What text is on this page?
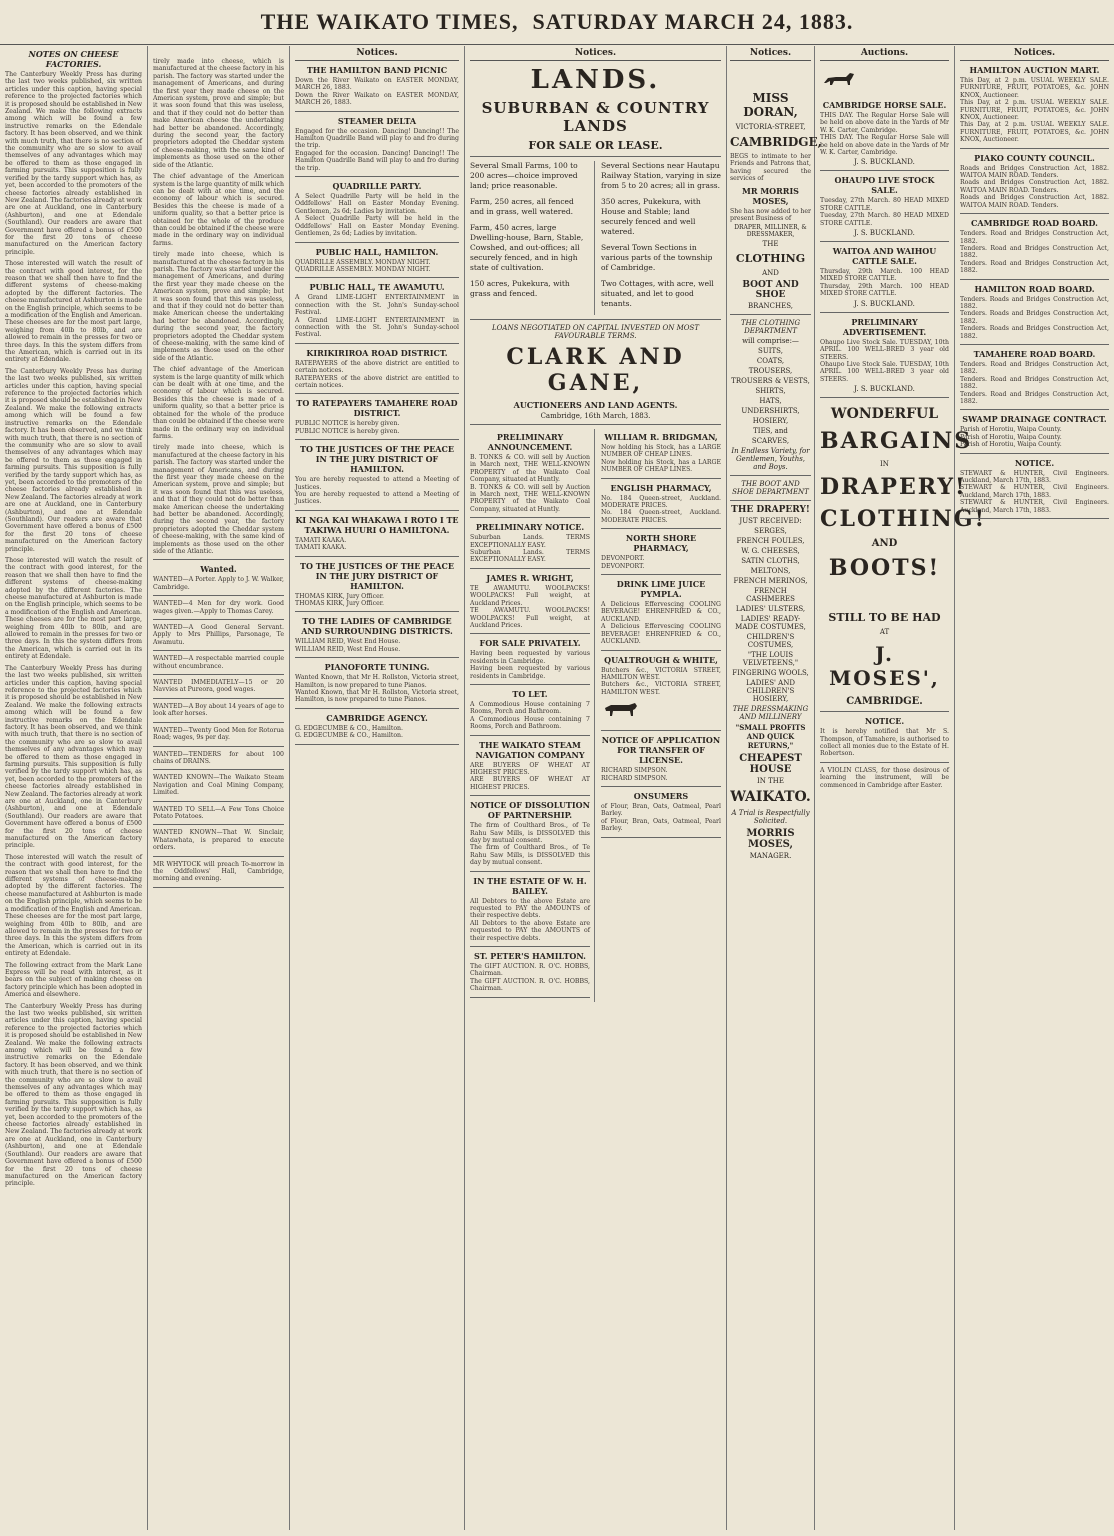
THE WAIKATO TIMES, SATURDAY MARCH 24, 1883.
NOTES ON CHEESE FACTORIES.
The Canterbury Weekly Press has during the last two weeks published, six written articles under this caption, having special reference to the projected factories which it is proposed should be established in New Zealand. We make the following extracts among which will be found a few instructive remarks on the Edendale factory. It has been observed, and we think with much truth, that there is no section of the community who are so slow to avail themselves of any advantages which may be offered to them as those engaged in farming pursuits. This supposition is fully verified by the tardy support which has, as yet, been accorded to the promoters of the cheese factories already established in New Zealand. The factories already at work are one at Auckland, one in Canterbury (Ashburton), and one at Edendale (Southland). Our readers are aware that Government have offered a bonus of £500 for the first 20 tons of cheese manufactured on the American factory principle.
Those interested will watch the result of the contract with good interest, for the reason that we shall then have to find the different systems of cheese-making adopted by the different factories. The cheese manufactured at Ashburton is made on the English principle, which seems to be a modification of the English and American. These cheeses are for the most part large, weighing from 40lb to 80lb, and are allowed to remain in the presses for two or three days. In this the system differs from the American, which is carried out in its entirety at Edendale.
The Canterbury Weekly Press has during the last two weeks published, six written articles under this caption, having special reference to the projected factories which it is proposed should be established in New Zealand. We make the following extracts among which will be found a few instructive remarks on the Edendale factory. It has been observed, and we think with much truth, that there is no section of the community who are so slow to avail themselves of any advantages which may be offered to them as those engaged in farming pursuits. This supposition is fully verified by the tardy support which has, as yet, been accorded to the promoters of the cheese factories already established in New Zealand. The factories already at work are one at Auckland, one in Canterbury (Ashburton), and one at Edendale (Southland). Our readers are aware that Government have offered a bonus of £500 for the first 20 tons of cheese manufactured on the American factory principle.
Those interested will watch the result of the contract with good interest, for the reason that we shall then have to find the different systems of cheese-making adopted by the different factories. The cheese manufactured at Ashburton is made on the English principle, which seems to be a modification of the English and American. These cheeses are for the most part large, weighing from 40lb to 80lb, and are allowed to remain in the presses for two or three days. In this the system differs from the American, which is carried out in its entirety at Edendale.
The Canterbury Weekly Press has during the last two weeks published, six written articles under this caption, having special reference to the projected factories which it is proposed should be established in New Zealand. We make the following extracts among which will be found a few instructive remarks on the Edendale factory. It has been observed, and we think with much truth, that there is no section of the community who are so slow to avail themselves of any advantages which may be offered to them as those engaged in farming pursuits. This supposition is fully verified by the tardy support which has, as yet, been accorded to the promoters of the cheese factories already established in New Zealand. The factories already at work are one at Auckland, one in Canterbury (Ashburton), and one at Edendale (Southland). Our readers are aware that Government have offered a bonus of £500 for the first 20 tons of cheese manufactured on the American factory principle.
Those interested will watch the result of the contract with good interest, for the reason that we shall then have to find the different systems of cheese-making adopted by the different factories. The cheese manufactured at Ashburton is made on the English principle, which seems to be a modification of the English and American. These cheeses are for the most part large, weighing from 40lb to 80lb, and are allowed to remain in the presses for two or three days. In this the system differs from the American, which is carried out in its entirety at Edendale.
The following extract from the Mark Lane Express will be read with interest, as it bears on the subject of making cheese on factory principle which has been adopted in America and elsewhere.
The Canterbury Weekly Press has during the last two weeks published, six written articles under this caption, having special reference to the projected factories which it is proposed should be established in New Zealand. We make the following extracts among which will be found a few instructive remarks on the Edendale factory. It has been observed, and we think with much truth, that there is no section of the community who are so slow to avail themselves of any advantages which may be offered to them as those engaged in farming pursuits. This supposition is fully verified by the tardy support which has, as yet, been accorded to the promoters of the cheese factories already established in New Zealand. The factories already at work are one at Auckland, one in Canterbury (Ashburton), and one at Edendale (Southland). Our readers are aware that Government have offered a bonus of £500 for the first 20 tons of cheese manufactured on the American factory principle.
tirely made into cheese, which is manufactured at the cheese factory in his parish. The factory was started under the management of Americans, and during the first year they made cheese on the American system, prove and simple; but it was soon found that this was useless, and that if they could not do better than make American cheese the undertaking had better be abandoned. Accordingly, during the second year, the factory proprietors adopted the Cheddar system of cheese-making, with the same kind of implements as those used on the other side of the Atlantic.
The chief advantage of the American system is the large quantity of milk which can be dealt with at one time, and the economy of labour which is secured. Besides this the cheese is made of a uniform quality, so that a better price is obtained for the whole of the produce than could be obtained if the cheese were made in the ordinary way on individual farms.
tirely made into cheese, which is manufactured at the cheese factory in his parish. The factory was started under the management of Americans, and during the first year they made cheese on the American system, prove and simple; but it was soon found that this was useless, and that if they could not do better than make American cheese the undertaking had better be abandoned. Accordingly, during the second year, the factory proprietors adopted the Cheddar system of cheese-making, with the same kind of implements as those used on the other side of the Atlantic.
The chief advantage of the American system is the large quantity of milk which can be dealt with at one time, and the economy of labour which is secured. Besides this the cheese is made of a uniform quality, so that a better price is obtained for the whole of the produce than could be obtained if the cheese were made in the ordinary way on individual farms.
tirely made into cheese, which is manufactured at the cheese factory in his parish. The factory was started under the management of Americans, and during the first year they made cheese on the American system, prove and simple; but it was soon found that this was useless, and that if they could not do better than make American cheese the undertaking had better be abandoned. Accordingly, during the second year, the factory proprietors adopted the Cheddar system of cheese-making, with the same kind of implements as those used on the other side of the Atlantic.
Wanted.
WANTED—A Porter. Apply to J. W. Walker, Cambridge.
WANTED—4 Men for dry work. Good wages given.—Apply to Thomas Carey.
WANTED—A Good General Servant. Apply to Mrs Phillips, Parsonage, Te Awamutu.
WANTED—A respectable married couple without encumbrance.
WANTED IMMEDIATELY—15 or 20 Navvies at Pureora, good wages.
WANTED—A Boy about 14 years of age to look after horses.
WANTED—Twenty Good Men for Rotorua Road; wages, 9s per day.
WANTED—TENDERS for about 100 chains of DRAINS.
WANTED KNOWN—The Waikato Steam Navigation and Coal Mining Company, Limited.
WANTED TO SELL—A Few Tons Choice Potato Potatoes.
WANTED KNOWN—That W. Sinclair, Whatawhata, is prepared to execute orders.
MR WHYTOCK will preach To-morrow in the Oddfellows' Hall, Cambridge, morning and evening.
Notices.
THE HAMILTON BAND PICNIC
Down the River Waikato on EASTER MONDAY, MARCH 26, 1883.
Down the River Waikato on EASTER MONDAY, MARCH 26, 1883.
STEAMER DELTA
Engaged for the occasion. Dancing! Dancing!! The Hamilton Quadrille Band will play to and fro during the trip.
Engaged for the occasion. Dancing! Dancing!! The Hamilton Quadrille Band will play to and fro during the trip.
QUADRILLE PARTY.
A Select Quadrille Party will be held in the Oddfellows' Hall on Easter Monday Evening. Gentlemen, 2s 6d; Ladies by invitation.
A Select Quadrille Party will be held in the Oddfellows' Hall on Easter Monday Evening. Gentlemen, 2s 6d; Ladies by invitation.
PUBLIC HALL, HAMILTON.
QUADRILLE ASSEMBLY. MONDAY NIGHT.
QUADRILLE ASSEMBLY. MONDAY NIGHT.
PUBLIC HALL, TE AWAMUTU.
A Grand LIME-LIGHT ENTERTAINMENT in connection with the St. John's Sunday-school Festival.
A Grand LIME-LIGHT ENTERTAINMENT in connection with the St. John's Sunday-school Festival.
KIRIKIRIROA ROAD DISTRICT.
RATEPAYERS of the above district are entitled to certain notices.
RATEPAYERS of the above district are entitled to certain notices.
TO RATEPAYERS TAMAHERE ROAD DISTRICT.
PUBLIC NOTICE is hereby given.
PUBLIC NOTICE is hereby given.
TO THE JUSTICES OF THE PEACE IN THE JURY DISTRICT OF HAMILTON.
You are hereby requested to attend a Meeting of Justices.
You are hereby requested to attend a Meeting of Justices.
KI NGA KAI WHAKAWA I ROTO I TE TAKIWA HUURI O HAMILTONA.
TAMATI KAAKA.
TAMATI KAAKA.
TO THE JUSTICES OF THE PEACE IN THE JURY DISTRICT OF HAMILTON.
THOMAS KIRK, Jury Officer.
THOMAS KIRK, Jury Officer.
TO THE LADIES OF CAMBRIDGE AND SURROUNDING DISTRICTS.
WILLIAM REID, West End House.
WILLIAM REID, West End House.
PIANOFORTE TUNING.
Wanted Known, that Mr H. Rollston, Victoria street, Hamilton, is now prepared to tune Pianos.
Wanted Known, that Mr H. Rollston, Victoria street, Hamilton, is now prepared to tune Pianos.
CAMBRIDGE AGENCY.
G. EDGECUMBE & CO., Hamilton.
G. EDGECUMBE & CO., Hamilton.
Notices.
LANDS.
SUBURBAN & COUNTRY LANDS
FOR SALE OR LEASE.
Several Small Farms, 100 to 200 acres—choice improved land; price reasonable.
Farm, 250 acres, all fenced and in grass, well watered.
Farm, 450 acres, large Dwelling-house, Barn, Stable, Cowshed, and out-offices; all securely fenced, and in high state of cultivation.
150 acres, Pukekura, with grass and fenced.
Several Sections near Hautapu Railway Station, varying in size from 5 to 20 acres; all in grass.
350 acres, Pukekura, with House and Stable; land securely fenced and well watered.
Several Town Sections in various parts of the township of Cambridge.
Two Cottages, with acre, well situated, and let to good tenants.
LOANS NEGOTIATED ON CAPITAL INVESTED ON MOST FAVOURABLE TERMS.
CLARK AND GANE,
AUCTIONEERS AND LAND AGENTS.
Cambridge, 16th March, 1883.
PRELIMINARY ANNOUNCEMENT.
B. TONKS & CO. will sell by Auction in March next, THE WELL-KNOWN PROPERTY of the Waikato Coal Company, situated at Huntly.
B. TONKS & CO. will sell by Auction in March next, THE WELL-KNOWN PROPERTY of the Waikato Coal Company, situated at Huntly.
PRELIMINARY NOTICE.
Suburban Lands. TERMS EXCEPTIONALLY EASY.
Suburban Lands. TERMS EXCEPTIONALLY EASY.
JAMES R. WRIGHT,
TE AWAMUTU. WOOLPACKS! WOOLPACKS! Full weight, at Auckland Prices.
TE AWAMUTU. WOOLPACKS! WOOLPACKS! Full weight, at Auckland Prices.
FOR SALE PRIVATELY.
Having been requested by various residents in Cambridge.
Having been requested by various residents in Cambridge.
TO LET.
A Commodious House containing 7 Rooms, Porch and Bathroom.
A Commodious House containing 7 Rooms, Porch and Bathroom.
THE WAIKATO STEAM NAVIGATION COMPANY
ARE BUYERS OF WHEAT AT HIGHEST PRICES.
ARE BUYERS OF WHEAT AT HIGHEST PRICES.
NOTICE OF DISSOLUTION OF PARTNERSHIP.
The firm of Coulthard Bros., of Te Rahu Saw Mills, is DISSOLVED this day by mutual consent.
The firm of Coulthard Bros., of Te Rahu Saw Mills, is DISSOLVED this day by mutual consent.
IN THE ESTATE OF W. H. BAILEY.
All Debtors to the above Estate are requested to PAY the AMOUNTS of their respective debts.
All Debtors to the above Estate are requested to PAY the AMOUNTS of their respective debts.
ST. PETER'S HAMILTON.
The GIFT AUCTION. R. O'C. HOBBS, Chairman.
The GIFT AUCTION. R. O'C. HOBBS, Chairman.
WILLIAM R. BRIDGMAN,
Now holding his Stock, has a LARGE NUMBER OF CHEAP LINES.
Now holding his Stock, has a LARGE NUMBER OF CHEAP LINES.
ENGLISH PHARMACY,
No. 184 Queen-street, Auckland. MODERATE PRICES.
No. 184 Queen-street, Auckland. MODERATE PRICES.
NORTH SHORE PHARMACY,
DEVONPORT.
DEVONPORT.
DRINK LIME JUICE PYMPLA.
A Delicious Effervescing COOLING BEVERAGE! EHRENFRIED & CO., AUCKLAND.
A Delicious Effervescing COOLING BEVERAGE! EHRENFRIED & CO., AUCKLAND.
QUALTROUGH & WHITE,
Butchers &c., VICTORIA STREET, HAMILTON WEST.
Butchers &c., VICTORIA STREET, HAMILTON WEST.
NOTICE OF APPLICATION FOR TRANSFER OF LICENSE.
RICHARD SIMPSON.
RICHARD SIMPSON.
ONSUMERS
of Flour, Bran, Oats, Oatmeal, Pearl Barley.
of Flour, Bran, Oats, Oatmeal, Pearl Barley.
Notices.
MISS DORAN,
VICTORIA-STREET,
CAMBRIDGE,
BEGS to intimate to her Friends and Patrons that, having secured the services of
MR MORRIS MOSES,
She has now added to her present Business of
DRAPER, MILLINER, & DRESSMAKER,
THE
CLOTHING
AND
BOOT AND SHOE
BRANCHES,
THE CLOTHING DEPARTMENT
will comprise:—
SUITS,
COATS,
TROUSERS,
TROUSERS & VESTS,
SHIRTS,
HATS,
UNDERSHIRTS,
HOSIERY,
TIES, and
SCARVES,
In Endless Variety, for Gentlemen, Youths, and Boys.
THE BOOT AND SHOE DEPARTMENT
THE DRAPERY!
JUST RECEIVED:
SERGES,
FRENCH FOULES,
W. G. CHEESES,
SATIN CLOTHS,
MELTONS,
FRENCH MERINOS,
FRENCH CASHMERES
LADIES' ULSTERS,
LADIES' READY-MADE COSTUMES,
CHILDREN'S COSTUMES,
"THE LOUIS VELVETEENS,"
FINGERING WOOLS,
LADIES' AND CHILDREN'S HOSIERY,
THE DRESSMAKING AND MILLINERY
"SMALL PROFITS AND QUICK RETURNS,"
CHEAPEST HOUSE
IN THE
WAIKATO.
A Trial is Respectfully Solicited.
MORRIS MOSES,
MANAGER.
Auctions.
CAMBRIDGE HORSE SALE.
THIS DAY. The Regular Horse Sale will be held on above date in the Yards of Mr W. K. Carter, Cambridge.
THIS DAY. The Regular Horse Sale will be held on above date in the Yards of Mr W. K. Carter, Cambridge.
J. S. BUCKLAND.
OHAUPO LIVE STOCK SALE.
Tuesday, 27th March. 80 HEAD MIXED STORE CATTLE.
Tuesday, 27th March. 80 HEAD MIXED STORE CATTLE.
J. S. BUCKLAND.
WAITOA AND WAIHOU CATTLE SALE.
Thursday, 29th March. 100 HEAD MIXED STORE CATTLE.
Thursday, 29th March. 100 HEAD MIXED STORE CATTLE.
J. S. BUCKLAND.
PRELIMINARY ADVERTISEMENT.
Ohaupo Live Stock Sale. TUESDAY, 10th APRIL. 100 WELL-BRED 3 year old STEERS.
Ohaupo Live Stock Sale. TUESDAY, 10th APRIL. 100 WELL-BRED 3 year old STEERS.
J. S. BUCKLAND.
WONDERFUL
BARGAINS
IN
DRAPERY!
CLOTHING!
AND
BOOTS!
STILL TO BE HAD
AT
J. MOSES',
CAMBRIDGE.
NOTICE.
It is hereby notified that Mr S. Thompson, of Tamahere, is authorised to collect all monies due to the Estate of H. Robertson.
A VIOLIN CLASS, for those desirous of learning the instrument, will be commenced in Cambridge after Easter.
Notices.
HAMILTON AUCTION MART.
This Day, at 2 p.m. USUAL WEEKLY SALE. FURNITURE, FRUIT, POTATOES, &c. JOHN KNOX, Auctioneer.
This Day, at 2 p.m. USUAL WEEKLY SALE. FURNITURE, FRUIT, POTATOES, &c. JOHN KNOX, Auctioneer.
This Day, at 2 p.m. USUAL WEEKLY SALE. FURNITURE, FRUIT, POTATOES, &c. JOHN KNOX, Auctioneer.
PIAKO COUNTY COUNCIL.
Roads and Bridges Construction Act, 1882. WAITOA MAIN ROAD. Tenders.
Roads and Bridges Construction Act, 1882. WAITOA MAIN ROAD. Tenders.
Roads and Bridges Construction Act, 1882. WAITOA MAIN ROAD. Tenders.
CAMBRIDGE ROAD BOARD.
Tenders. Road and Bridges Construction Act, 1882.
Tenders. Road and Bridges Construction Act, 1882.
Tenders. Road and Bridges Construction Act, 1882.
HAMILTON ROAD BOARD.
Tenders. Roads and Bridges Construction Act, 1882.
Tenders. Roads and Bridges Construction Act, 1882.
Tenders. Roads and Bridges Construction Act, 1882.
TAMAHERE ROAD BOARD.
Tenders. Road and Bridges Construction Act, 1882.
Tenders. Road and Bridges Construction Act, 1882.
Tenders. Road and Bridges Construction Act, 1882.
SWAMP DRAINAGE CONTRACT.
Parish of Horotiu, Waipa County.
Parish of Horotiu, Waipa County.
Parish of Horotiu, Waipa County.
NOTICE.
STEWART & HUNTER, Civil Engineers. Auckland, March 17th, 1883.
STEWART & HUNTER, Civil Engineers. Auckland, March 17th, 1883.
STEWART & HUNTER, Civil Engineers. Auckland, March 17th, 1883.
